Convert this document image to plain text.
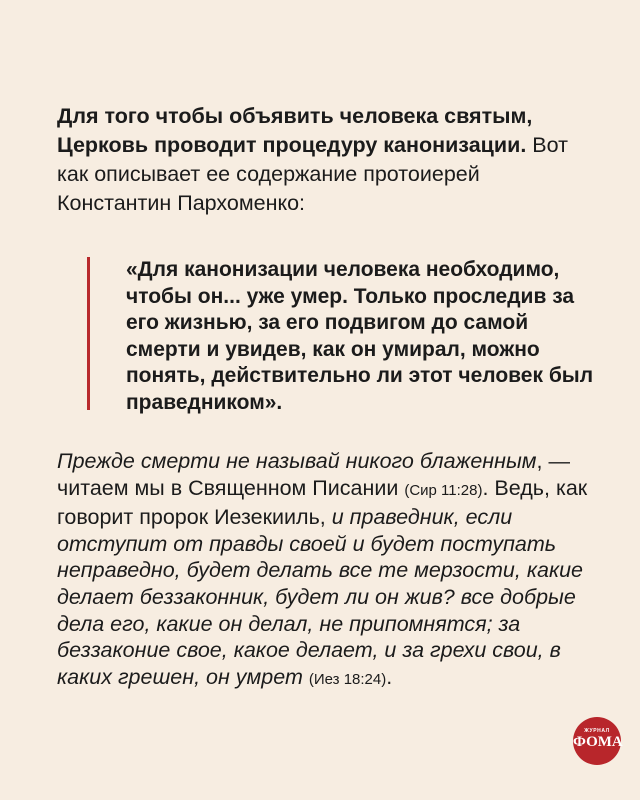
Для того чтобы объявить человека святым, Церковь проводит процедуру канонизации. Вот как описывает ее содержание протоиерей Константин Пархоменко:

«Для канонизации человека необходимо, чтобы он... уже умер. Только проследив за его жизнью, за его подвигом до самой смерти и увидев, как он умирал, можно понять, действительно ли этот человек был праведником».

Прежде смерти не называй никого блаженным, — читаем мы в Священном Писании (Сир 11:28). Ведь, как говорит пророк Иезекииль, и праведник, если отступит от правды своей и будет поступать неправедно, будет делать все те мерзости, какие делает беззаконник, будет ли он жив? все добрые дела его, какие он делал, не припомнятся; за беззаконие свое, какое делает, и за грехи свои, в каких грешен, он умрет (Иез 18:24).

ЖУРНАЛ
ФОМА
